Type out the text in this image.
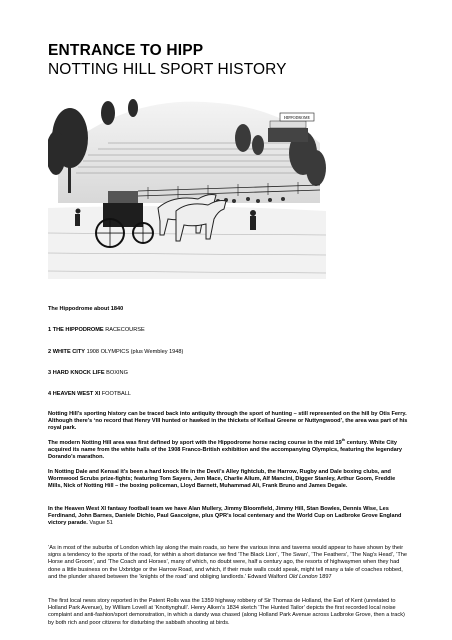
ENTRANCE TO HIPP
NOTTING HILL SPORT HISTORY
HIPPODROME
The Hippodrome about 1840
1 THE HIPPODROME RACECOURSE
2 WHITE CITY 1908 OLYMPICS (plus Wembley 1948)
3 HARD KNOCK LIFE BOXING
4 HEAVEN WEST XI FOOTBALL
Notting Hill’s sporting history can be traced back into antiquity through the sport of hunting – still represented on the hill by Otis Ferry. Although there’s ‘no record that Henry VIII hunted or hawked in the thickets of Kellsal Greene or Nuttyngwood’, the area was part of his royal park.
The modern Notting Hill area was first defined by sport with the Hippodrome horse racing course in the mid 19th century. White City acquired its name from the white halls of the 1908 Franco-British exhibition and the accompanying Olympics, featuring the legendary Dorando’s marathon.
In Notting Dale and Kensal it’s been a hard knock life in the Devil’s Alley fightclub, the Harrow, Rugby and Dale boxing clubs, and Wormwood Scrubs prize-fights; featuring Tom Sayers, Jem Mace, Charlie Allum, Alf Mancini, Digger Stanley, Arthur Goom, Freddie Mills, Nick of Notting Hill – the boxing policeman, Lloyd Barnett, Muhammad Ali, Frank Bruno and James Degale.
In the Heaven West XI fantasy football team we have Alan Mullery, Jimmy Bloomfield, Jimmy Hill, Stan Bowles, Dennis Wise, Les Ferdinand, John Barnes, Daniele Dichio, Paul Gascoigne, plus QPR’s local centenary and the World Cup on Ladbroke Grove England victory parade. Vague 51
‘As in most of the suburbs of London which lay along the main roads, so here the various inns and taverns would appear to have shown by their signs a tendency to the sports of the road, for within a short distance we find ‘The Black Lion’, ‘The Swan’, ‘The Feathers’, ‘The Nag’s Head’, ‘The Horse and Groom’, and ‘The Coach and Horses’, many of which, no doubt were, half a century ago, the resorts of highwaymen when they had done a little business on the Uxbridge or the Harrow Road, and which, if their mute walls could speak, might tell many a tale of coaches robbed, and the plunder shared between the ‘knights of the road’ and obliging landlords.’ Edward Walford Old London 1897
The first local news story reported in the Patent Rolls was the 1359 highway robbery of Sir Thomas de Holland, the Earl of Kent (unrelated to Holland Park Avenue), by William Lovell at ‘Knottynghull’. Henry Alken’s 1834 sketch ‘The Hunted Tailor’ depicts the first recorded local noise complaint and anti-fashion/sport demonstration, in which a dandy was chased (along Holland Park Avenue across Ladbroke Grove, then a track) by both rich and poor citizens for disturbing the sabbath shooting at birds.
